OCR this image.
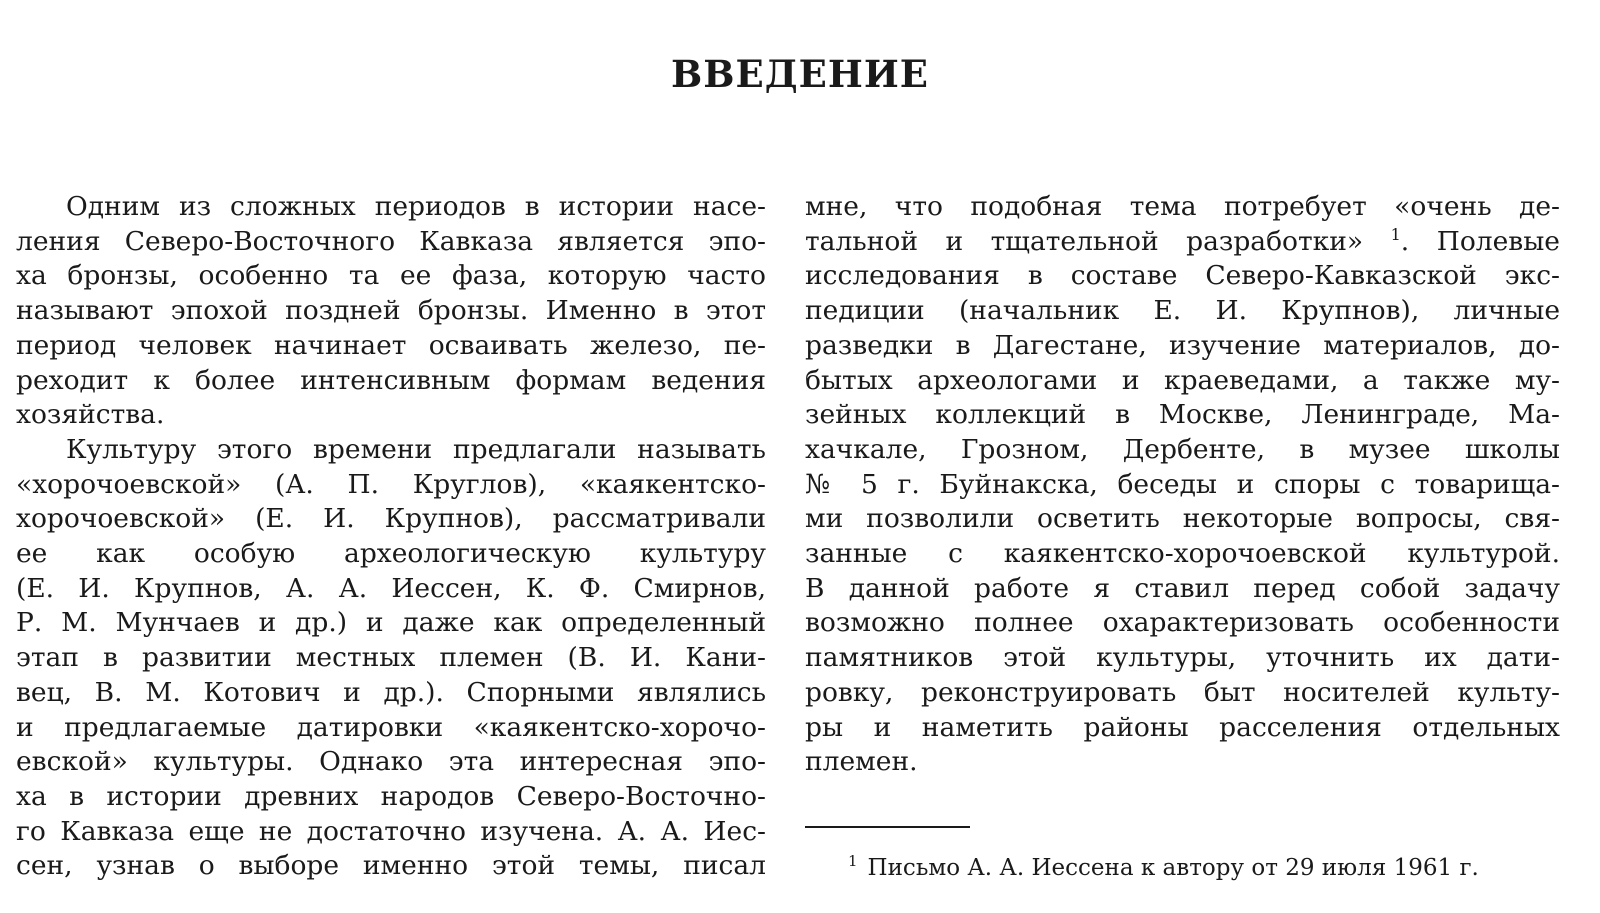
ВВЕДЕНИЕ
Одним из сложных периодов в истории насе-
ления Северо-Восточного Кавказа является эпо-
ха бронзы, особенно та ее фаза, которую часто
называют эпохой поздней бронзы. Именно в этот
период человек начинает осваивать железо, пе-
реходит к более интенсивным формам ведения
хозяйства.
Культуру этого времени предлагали называть
«хорочоевской» (А. П. Круглов), «каякентско-
хорочоевской» (Е. И. Крупнов), рассматривали
ее как особую археологическую культуру
(Е. И. Крупнов, А. А. Иессен, К. Ф. Смирнов,
Р. М. Мунчаев и др.) и даже как определенный
этап в развитии местных племен (В. И. Кани-
вец, В. М. Котович и др.). Спорными являлись
и предлагаемые датировки «каякентско-хорочо-
евской» культуры. Однако эта интересная эпо-
ха в истории древних народов Северо-Восточно-
го Кавказа еще не достаточно изучена. А. А. Иес-
сен, узнав о выборе именно этой темы, писал
мне, что подобная тема потребует «очень де-
тальной и тщательной разработки» $^1$. Полевые
исследования в составе Северо-Кавказской экс-
педиции (начальник Е. И. Крупнов), личные
разведки в Дагестане, изучение материалов, до-
бытых археологами и краеведами, а также му-
зейных коллекций в Москве, Ленинграде, Ма-
хачкале, Грозном, Дербенте, в музее школы
№ 5 г. Буйнакска, беседы и споры с товарища-
ми позволили осветить некоторые вопросы, свя-
занные с каякентско-хорочоевской культурой.
В данной работе я ставил перед собой задачу
возможно полнее охарактеризовать особенности
памятников этой культуры, уточнить их дати-
ровку, реконструировать быт носителей культу-
ры и наметить районы расселения отдельных
племен.
$^1$ Письмо А. А. Иессена к автору от 29 июля 1961 г.
